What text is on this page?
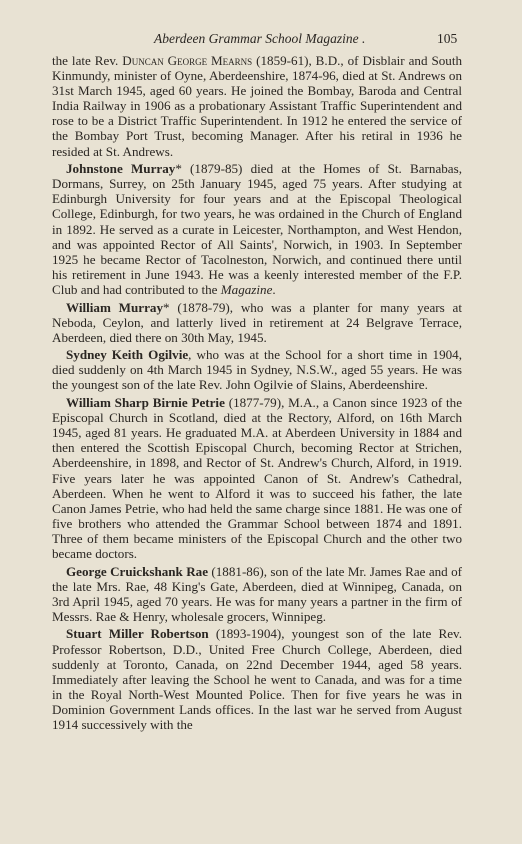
Aberdeen Grammar School Magazine .	105

the late Rev. Duncan George Mearns (1859-61), B.D., of Disblair and South Kinmundy, minister of Oyne, Aberdeenshire, 1874-96, died at St. Andrews on 31st March 1945, aged 60 years. He joined the Bombay, Baroda and Central India Railway in 1906 as a probationary Assistant Traffic Superintendent and rose to be a District Traffic Superintendent. In 1912 he entered the service of the Bombay Port Trust, becoming Manager. After his retiral in 1936 he resided at St. Andrews.

Johnstone Murray* (1879-85) died at the Homes of St. Barnabas, Dormans, Surrey, on 25th January 1945, aged 75 years. After studying at Edinburgh University for four years and at the Episcopal Theological College, Edinburgh, for two years, he was ordained in the Church of England in 1892. He served as a curate in Leicester, Northampton, and West Hendon, and was appointed Rector of All Saints', Norwich, in 1903. In September 1925 he became Rector of Tacolneston, Norwich, and continued there until his retirement in June 1943. He was a keenly interested member of the F.P. Club and had contributed to the Magazine.

William Murray* (1878-79), who was a planter for many years at Neboda, Ceylon, and latterly lived in retirement at 24 Belgrave Terrace, Aberdeen, died there on 30th May, 1945.

Sydney Keith Ogilvie, who was at the School for a short time in 1904, died suddenly on 4th March 1945 in Sydney, N.S.W., aged 55 years. He was the youngest son of the late Rev. John Ogilvie of Slains, Aberdeenshire.

William Sharp Birnie Petrie (1877-79), M.A., a Canon since 1923 of the Episcopal Church in Scotland, died at the Rectory, Alford, on 16th March 1945, aged 81 years. He graduated M.A. at Aberdeen University in 1884 and then entered the Scottish Episcopal Church, becoming Rector at Strichen, Aberdeenshire, in 1898, and Rector of St. Andrew's Church, Alford, in 1919. Five years later he was appointed Canon of St. Andrew's Cathedral, Aberdeen. When he went to Alford it was to succeed his father, the late Canon James Petrie, who had held the same charge since 1881. He was one of five brothers who attended the Grammar School between 1874 and 1891. Three of them became ministers of the Episcopal Church and the other two became doctors.

George Cruickshank Rae (1881-86), son of the late Mr. James Rae and of the late Mrs. Rae, 48 King's Gate, Aberdeen, died at Winnipeg, Canada, on 3rd April 1945, aged 70 years. He was for many years a partner in the firm of Messrs. Rae & Henry, wholesale grocers, Winnipeg.

Stuart Miller Robertson (1893-1904), youngest son of the late Rev. Professor Robertson, D.D., United Free Church College, Aberdeen, died suddenly at Toronto, Canada, on 22nd December 1944, aged 58 years. Immediately after leaving the School he went to Canada, and was for a time in the Royal North-West Mounted Police. Then for five years he was in Dominion Government Lands offices. In the last war he served from August 1914 successively with the
